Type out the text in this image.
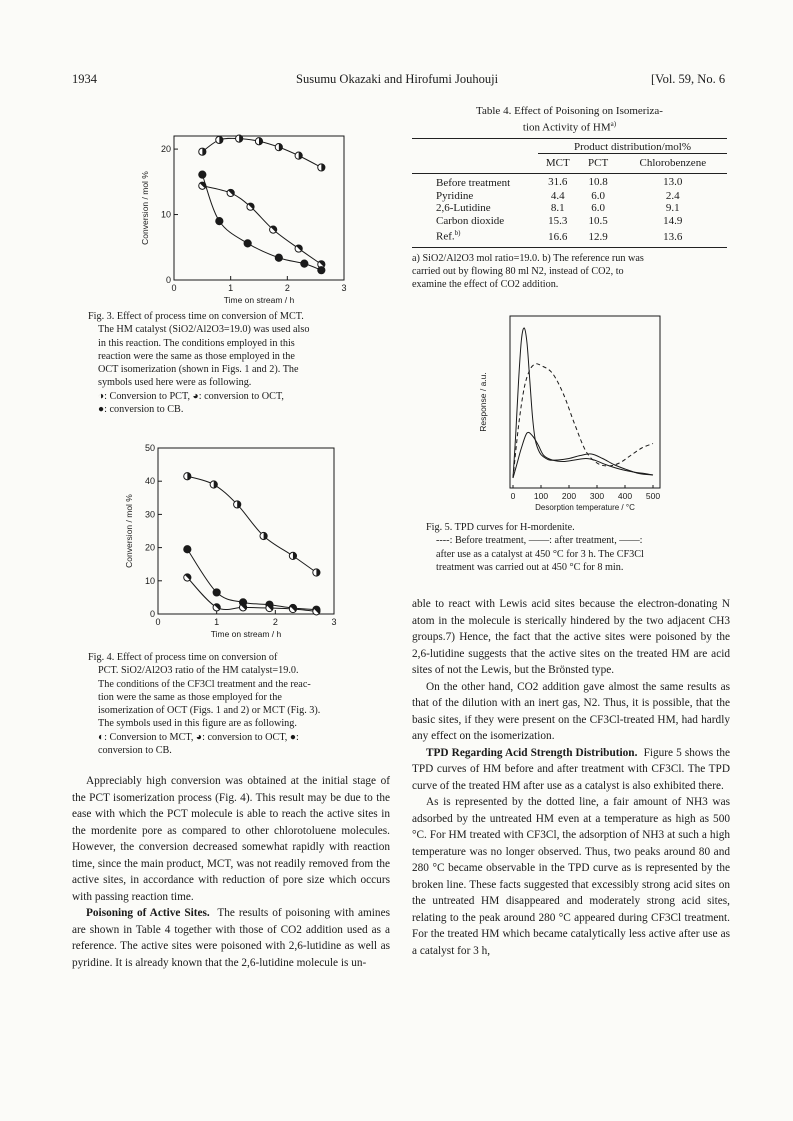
1934	Susumu Okazaki and Hirofumi Jouhouji	[Vol. 59, No. 6
0	1	2	3
0
10
20
Time on stream / h
Conversion / mol %
Fig. 3. Effect of process time on conversion of MCT.
The HM catalyst (SiO2/Al2O3=19.0) was used also
in this reaction. The conditions employed in this
reaction were the same as those employed in the
OCT isomerization (shown in Figs. 1 and 2). The
symbols used here were as following.
◑: Conversion to PCT, ◕: conversion to OCT,
●: conversion to CB.
0	1	2	3
0
10
20
30
40
50
Time on stream / h
Conversion / mol %
Fig. 4. Effect of process time on conversion of
PCT. SiO2/Al2O3 ratio of the HM catalyst=19.0.
The conditions of the CF3Cl treatment and the reac-
tion were the same as those employed for the
isomerization of OCT (Figs. 1 and 2) or MCT (Fig. 3).
The symbols used in this figure are as following.
◐: Conversion to MCT, ◕: conversion to OCT, ●:
conversion to CB.

Appreciably high conversion was obtained at the initial stage of the PCT isomerization process (Fig. 4). This result may be due to the ease with which the PCT molecule is able to reach the active sites in the mordenite pore as compared to other chlorotoluene molecules. However, the conversion decreased somewhat rapidly with reaction time, since the main product, MCT, was not readily removed from the active sites, in accordance with reduction of pore size which occurs with passing reaction time.

Poisoning of Active Sites. The results of poisoning with amines are shown in Table 4 together with those of CO2 addition used as a reference. The active sites were poisoned with 2,6-lutidine as well as pyridine. It is already known that the 2,6-lutidine molecule is un-

Table 4. Effect of Poisoning on Isomeriza-
tion Activity of HM$^{a)}$
	Product distribution/mol%		
	MCT	PCT	Chlorobenzene
Before treatment	31.6	10.8	13.0
Pyridine	4.4	6.0	2.4
2,6-Lutidine	8.1	6.0	9.1
Carbon dioxide	15.3	10.5	14.9
Ref.$^{b)}$	16.6	12.9	13.6
a) SiO2/Al2O3 mol ratio=19.0. b) The reference run was
carried out by flowing 80 ml N2, instead of CO2, to
examine the effect of CO2 addition.
0 100 200 300 400 500
Desorption temperature / °C
Response / a.u.
Fig. 5. TPD curves for H-mordenite.
----: Before treatment, ——: after treatment, ——:
after use as a catalyst at 450 °C for 3 h. The CF3Cl
treatment was carried out at 450 °C for 8 min.

able to react with Lewis acid sites because the electron-donating N atom in the molecule is sterically hindered by the two adjacent CH3 groups.7) Hence, the fact that the active sites were poisoned by the 2,6-lutidine suggests that the active sites on the treated HM are acid sites of not the Lewis, but the Brönsted type.

On the other hand, CO2 addition gave almost the same results as that of the dilution with an inert gas, N2. Thus, it is possible, that the basic sites, if they were present on the CF3Cl-treated HM, had hardly any effect on the isomerization.

TPD Regarding Acid Strength Distribution. Figure 5 shows the TPD curves of HM before and after treatment with CF3Cl. The TPD curve of the treated HM after use as a catalyst is also exhibited there.

As is represented by the dotted line, a fair amount of NH3 was adsorbed by the untreated HM even at a temperature as high as 500 °C. For HM treated with CF3Cl, the adsorption of NH3 at such a high temperature was no longer observed. Thus, two peaks around 80 and 280 °C became observable in the TPD curve as is represented by the broken line. These facts suggested that excessibly strong acid sites on the untreated HM disappeared and moderately strong acid sites, relating to the peak around 280 °C appeared during CF3Cl treatment. For the treated HM which became catalytically less active after use as a catalyst for 3 h,
